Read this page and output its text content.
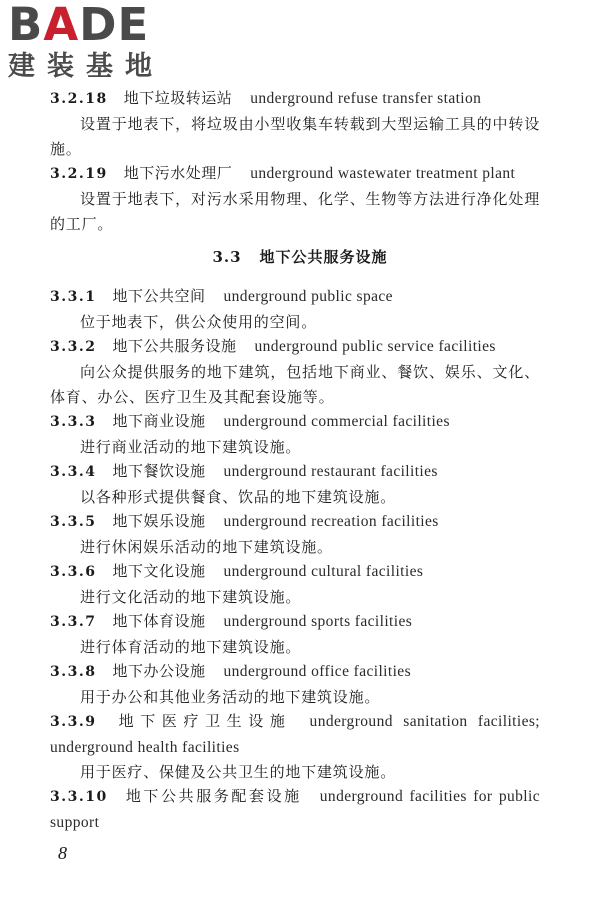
BADE
建装基地
3.2.18 地下垃圾转运站 underground refuse transfer station
设置于地表下，将垃圾由小型收集车转载到大型运输工具的中转设施。
3.2.19 地下污水处理厂 underground wastewater treatment plant
设置于地表下，对污水采用物理、化学、生物等方法进行净化处理的工厂。
3.3 地下公共服务设施
3.3.1 地下公共空间 underground public space
位于地表下，供公众使用的空间。
3.3.2 地下公共服务设施 underground public service facilities
向公众提供服务的地下建筑，包括地下商业、餐饮、娱乐、文化、体育、办公、医疗卫生及其配套设施等。
3.3.3 地下商业设施 underground commercial facilities
进行商业活动的地下建筑设施。
3.3.4 地下餐饮设施 underground restaurant facilities
以各种形式提供餐食、饮品的地下建筑设施。
3.3.5 地下娱乐设施 underground recreation facilities
进行休闲娱乐活动的地下建筑设施。
3.3.6 地下文化设施 underground cultural facilities
进行文化活动的地下建筑设施。
3.3.7 地下体育设施 underground sports facilities
进行体育活动的地下建筑设施。
3.3.8 地下办公设施 underground office facilities
用于办公和其他业务活动的地下建筑设施。
3.3.9 地下医疗卫生设施 underground sanitation facilities; underground health facilities
用于医疗、保健及公共卫生的地下建筑设施。
3.3.10 地下公共服务配套设施 underground facilities for public support
8
